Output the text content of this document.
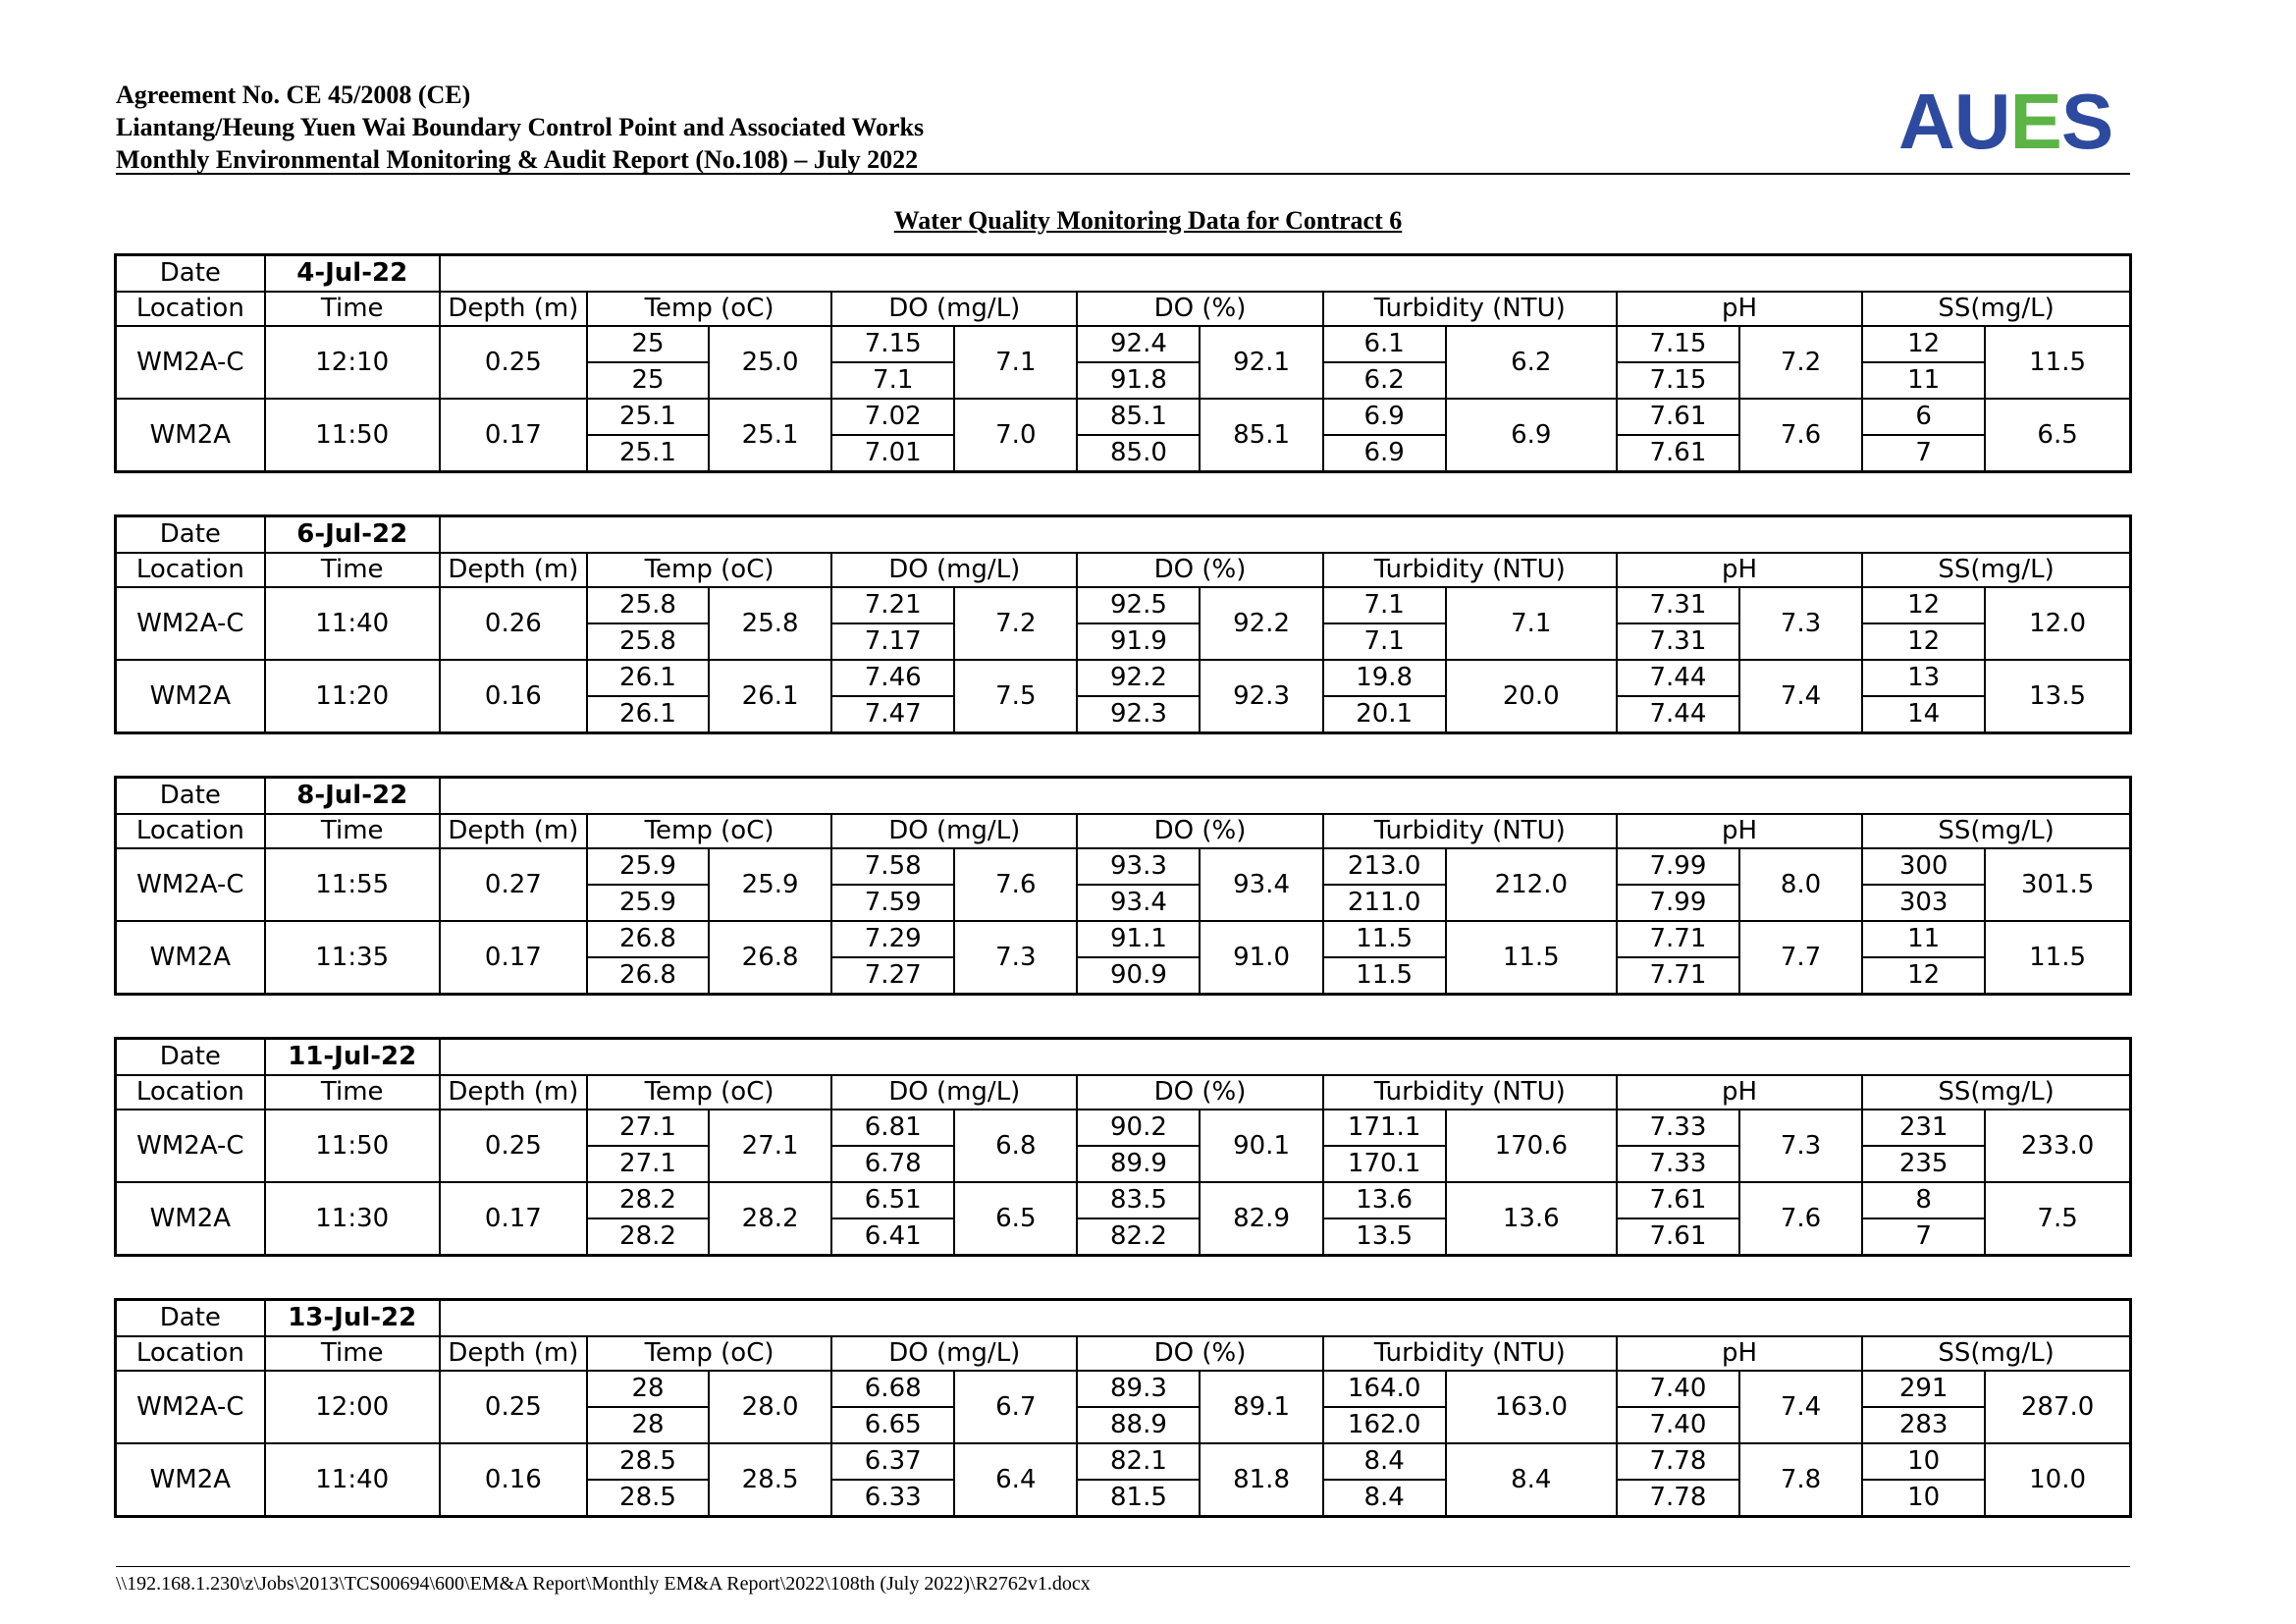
Agreement No. CE 45/2008 (CE)
Liantang/Heung Yuen Wai Boundary Control Point and Associated Works
Monthly Environmental Monitoring & Audit Report (No.108) – July 2022	AUES
Water Quality Monitoring Data for Contract 6
Date	4-Jul-22													
Location	Time	Depth (m)	Temp (oC)		DO (mg/L)		DO (%)		Turbidity (NTU)		pH		SS(mg/L)	
WM2A-C	12:10	0.25	25	25.0	7.15	7.1	92.4	92.1	6.1	6.2	7.15	7.2	12	11.5
			25		7.1		91.8		6.2		7.15		11	
WM2A	11:50	0.17	25.1	25.1	7.02	7.0	85.1	85.1	6.9	6.9	7.61	7.6	6	6.5
			25.1		7.01		85.0		6.9		7.61		7	
Date	6-Jul-22													
Location	Time	Depth (m)	Temp (oC)		DO (mg/L)		DO (%)		Turbidity (NTU)		pH		SS(mg/L)	
WM2A-C	11:40	0.26	25.8	25.8	7.21	7.2	92.5	92.2	7.1	7.1	7.31	7.3	12	12.0
			25.8		7.17		91.9		7.1		7.31		12	
WM2A	11:20	0.16	26.1	26.1	7.46	7.5	92.2	92.3	19.8	20.0	7.44	7.4	13	13.5
			26.1		7.47		92.3		20.1		7.44		14	
Date	8-Jul-22													
Location	Time	Depth (m)	Temp (oC)		DO (mg/L)		DO (%)		Turbidity (NTU)		pH		SS(mg/L)	
WM2A-C	11:55	0.27	25.9	25.9	7.58	7.6	93.3	93.4	213.0	212.0	7.99	8.0	300	301.5
			25.9		7.59		93.4		211.0		7.99		303	
WM2A	11:35	0.17	26.8	26.8	7.29	7.3	91.1	91.0	11.5	11.5	7.71	7.7	11	11.5
			26.8		7.27		90.9		11.5		7.71		12	
Date	11-Jul-22													
Location	Time	Depth (m)	Temp (oC)		DO (mg/L)		DO (%)		Turbidity (NTU)		pH		SS(mg/L)	
WM2A-C	11:50	0.25	27.1	27.1	6.81	6.8	90.2	90.1	171.1	170.6	7.33	7.3	231	233.0
			27.1		6.78		89.9		170.1		7.33		235	
WM2A	11:30	0.17	28.2	28.2	6.51	6.5	83.5	82.9	13.6	13.6	7.61	7.6	8	7.5
			28.2		6.41		82.2		13.5		7.61		7	
Date	13-Jul-22													
Location	Time	Depth (m)	Temp (oC)		DO (mg/L)		DO (%)		Turbidity (NTU)		pH		SS(mg/L)	
WM2A-C	12:00	0.25	28	28.0	6.68	6.7	89.3	89.1	164.0	163.0	7.40	7.4	291	287.0
			28		6.65		88.9		162.0		7.40		283	
WM2A	11:40	0.16	28.5	28.5	6.37	6.4	82.1	81.8	8.4	8.4	7.78	7.8	10	10.0
			28.5		6.33		81.5		8.4		7.78		10	
\\192.168.1.230\z\Jobs\2013\TCS00694\600\EM&A Report\Monthly EM&A Report\2022\108th (July 2022)\R2762v1.docx
